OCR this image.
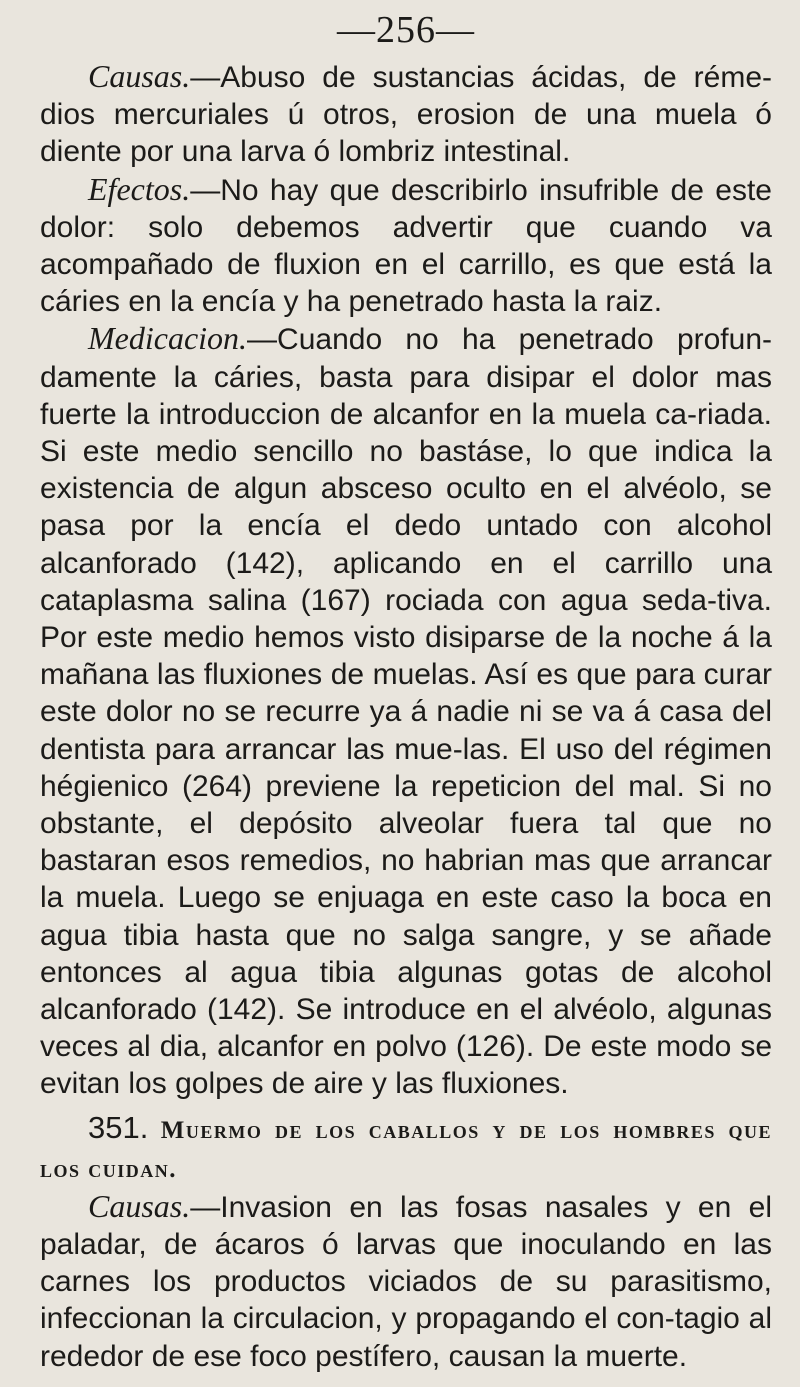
—256—

Causas.—Abuso de sustancias ácidas, de réme-dios mercuriales ú otros, erosion de una muela ó diente por una larva ó lombriz intestinal.

Efectos.—No hay que describirlo insufrible de este dolor: solo debemos advertir que cuando va acompañado de fluxion en el carrillo, es que está la cáries en la encía y ha penetrado hasta la raiz.

Medicacion.—Cuando no ha penetrado profun-damente la cáries, basta para disipar el dolor mas fuerte la introduccion de alcanfor en la muela ca-riada. Si este medio sencillo no bastáse, lo que indica la existencia de algun absceso oculto en el alvéolo, se pasa por la encía el dedo untado con alcohol alcanforado (142), aplicando en el carrillo una cataplasma salina (167) rociada con agua seda-tiva. Por este medio hemos visto disiparse de la noche á la mañana las fluxiones de muelas. Así es que para curar este dolor no se recurre ya á nadie ni se va á casa del dentista para arrancar las mue-las. El uso del régimen hégienico (264) previene la repeticion del mal. Si no obstante, el depósito alveolar fuera tal que no bastaran esos remedios, no habrian mas que arrancar la muela. Luego se enjuaga en este caso la boca en agua tibia hasta que no salga sangre, y se añade entonces al agua tibia algunas gotas de alcohol alcanforado (142). Se introduce en el alvéolo, algunas veces al dia, alcanfor en polvo (126). De este modo se evitan los golpes de aire y las fluxiones.

351. Muermo de los caballos y de los hombres que los cuidan.

Causas.—Invasion en las fosas nasales y en el paladar, de ácaros ó larvas que inoculando en las carnes los productos viciados de su parasitismo, infeccionan la circulacion, y propagando el con-tagio al rededor de ese foco pestífero, causan la muerte.
